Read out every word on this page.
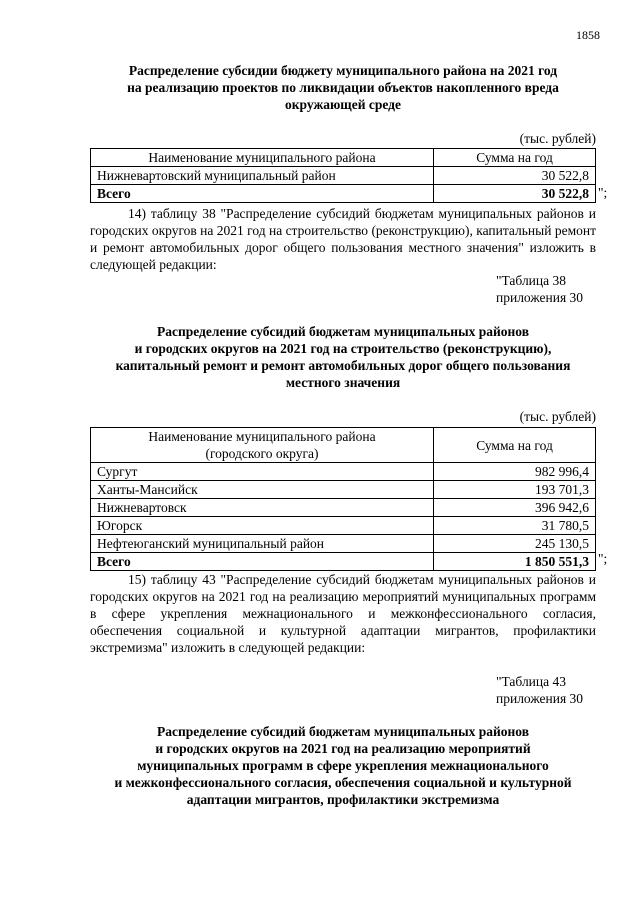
1858
Распределение субсидии бюджету муниципального района на 2021 год
на реализацию проектов по ликвидации объектов накопленного вреда
окружающей среде
(тыс. рублей)
Наименование муниципального района	Сумма на год
Нижневартовский муниципальный район	30 522,8
Всего	30 522,8 ";

14) таблицу 38 "Распределение субсидий бюджетам муниципальных районов и городских округов на 2021 год на строительство (реконструкцию), капитальный ремонт и ремонт автомобильных дорог общего пользования местного значения" изложить в следующей редакции:

"Таблица 38
приложения 30
Распределение субсидий бюджетам муниципальных районов
и городских округов на 2021 год на строительство (реконструкцию),
капитальный ремонт и ремонт автомобильных дорог общего пользования
местного значения
(тыс. рублей)
Наименование муниципального района
(городского округа)	Сумма на год
Сургут	982 996,4
Ханты-Мансийск	193 701,3
Нижневартовск	396 942,6
Югорск	31 780,5
Нефтеюганский муниципальный район	245 130,5
Всего	1 850 551,3 ";

15) таблицу 43 "Распределение субсидий бюджетам муниципальных районов и городских округов на 2021 год на реализацию мероприятий муниципальных программ в сфере укрепления межнационального и межконфессионального согласия, обеспечения социальной и культурной адаптации мигрантов, профилактики экстремизма" изложить в следующей редакции:

"Таблица 43
приложения 30
Распределение субсидий бюджетам муниципальных районов
и городских округов на 2021 год на реализацию мероприятий
муниципальных программ в сфере укрепления межнационального
и межконфессионального согласия, обеспечения социальной и культурной
адаптации мигрантов, профилактики экстремизма
